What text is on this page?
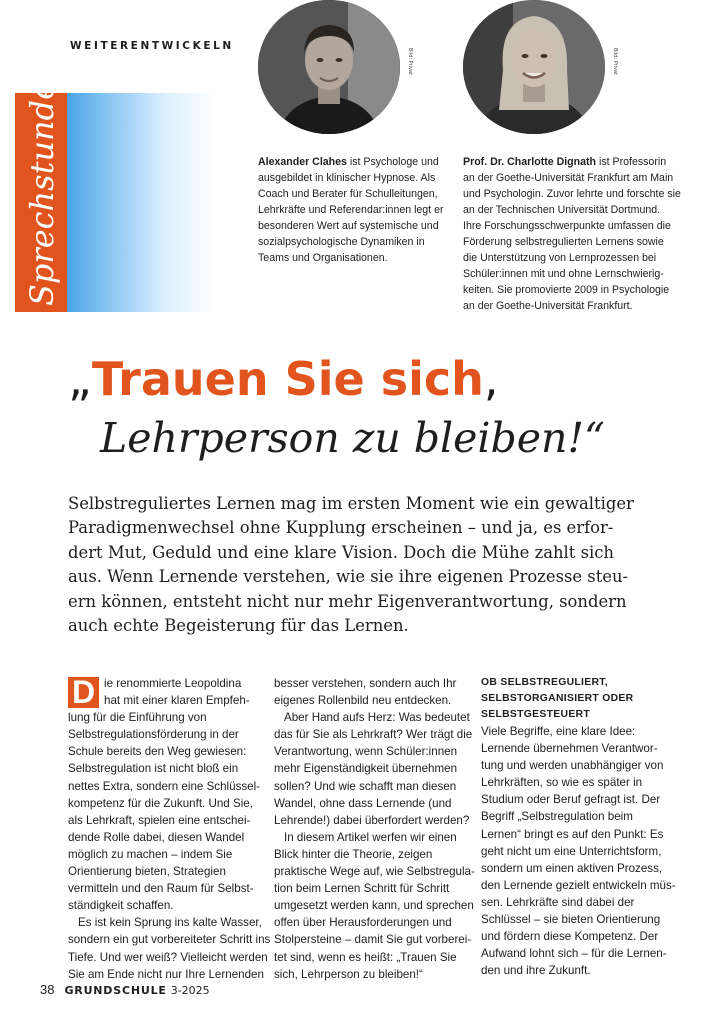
WEITERENTWICKELN
Sprechstunde
Bild: Privat	Bild: Privat
Alexander Clahes ist Psychologe und
ausgebildet in klinischer Hypnose. Als
Coach und Berater für Schulleitungen,
Lehrkräfte und Referendar:innen legt er
besonderen Wert auf systemische und
sozialpsychologische Dynamiken in
Teams und Organisationen.
Prof. Dr. Charlotte Dignath ist Professorin
an der Goethe-Universität Frankfurt am Main
und Psychologin. Zuvor lehrte und forschte sie
an der Technischen Universität Dortmund.
Ihre Forschungsschwerpunkte umfassen die
Förderung selbstregulierten Lernens sowie
die Unterstützung von Lernprozessen bei
Schüler:innen mit und ohne Lernschwierig-
keiten. Sie promovierte 2009 in Psychologie
an der Goethe-Universität Frankfurt.
„Trauen Sie sich,
Lehrperson zu bleiben!“
Selbstreguliertes Lernen mag im ersten Moment wie ein gewaltiger
Paradigmenwechsel ohne Kupplung erscheinen – und ja, es erfor-
dert Mut, Geduld und eine klare Vision. Doch die Mühe zahlt sich
aus. Wenn Lernende verstehen, wie sie ihre eigenen Prozesse steu-
ern können, entsteht nicht nur mehr Eigenverantwortung, sondern
auch echte Begeisterung für das Lernen.
D ie renommierte Leopoldina
hat mit einer klaren Empfeh-
lung für die Einführung von
Selbstregulationsförderung in der
Schule bereits den Weg gewiesen:
Selbstregulation ist nicht bloß ein
nettes Extra, sondern eine Schlüssel-
kompetenz für die Zukunft. Und Sie,
als Lehrkraft, spielen eine entschei-
dende Rolle dabei, diesen Wandel
möglich zu machen – indem Sie
Orientierung bieten, Strategien
vermitteln und den Raum für Selbst-
ständigkeit schaffen.
Es ist kein Sprung ins kalte Wasser,
sondern ein gut vorbereiteter Schritt ins
Tiefe. Und wer weiß? Vielleicht werden
Sie am Ende nicht nur Ihre Lernenden
besser verstehen, sondern auch Ihr
eigenes Rollenbild neu entdecken.
Aber Hand aufs Herz: Was bedeutet
das für Sie als Lehrkraft? Wer trägt die
Verantwortung, wenn Schüler:innen
mehr Eigenständigkeit übernehmen
sollen? Und wie schafft man diesen
Wandel, ohne dass Lernende (und
Lehrende!) dabei überfordert werden?
In diesem Artikel werfen wir einen
Blick hinter die Theorie, zeigen
praktische Wege auf, wie Selbstregula-
tion beim Lernen Schritt für Schritt
umgesetzt werden kann, und sprechen
offen über Herausforderungen und
Stolpersteine – damit Sie gut vorberei-
tet sind, wenn es heißt: „Trauen Sie
sich, Lehrperson zu bleiben!“
OB SELBSTREGULIERT,
SELBSTORGANISIERT ODER
SELBSTGESTEUERT
Viele Begriffe, eine klare Idee:
Lernende übernehmen Verantwor-
tung und werden unabhängiger von
Lehrkräften, so wie es später in
Studium oder Beruf gefragt ist. Der
Begriff „Selbstregulation beim
Lernen“ bringt es auf den Punkt: Es
geht nicht um eine Unterrichtsform,
sondern um einen aktiven Prozess,
den Lernende gezielt entwickeln müs-
sen. Lehrkräfte sind dabei der
Schlüssel – sie bieten Orientierung
und fördern diese Kompetenz. Der
Aufwand lohnt sich – für die Lernen-
den und ihre Zukunft.
38 GRUNDSCHULE 3-2025
